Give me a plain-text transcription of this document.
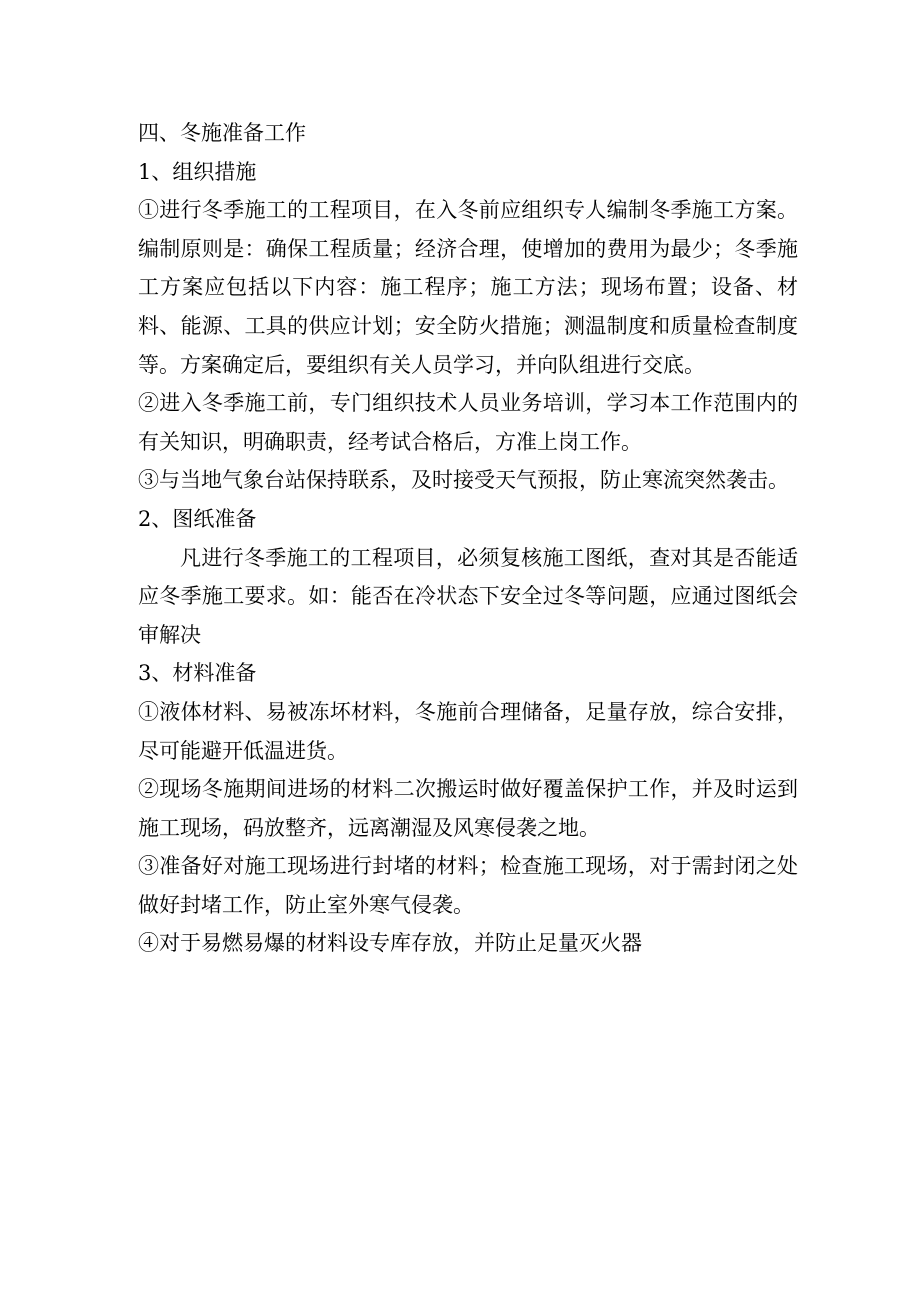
四、冬施准备工作

1、组织措施

①进行冬季施工的工程项目，在入冬前应组织专人编制冬季施工方案。编制原则是：确保工程质量；经济合理，使增加的费用为最少；冬季施工方案应包括以下内容：施工程序；施工方法；现场布置；设备、材料、能源、工具的供应计划；安全防火措施；测温制度和质量检查制度等。方案确定后，要组织有关人员学习，并向队组进行交底。

②进入冬季施工前，专门组织技术人员业务培训，学习本工作范围内的有关知识，明确职责，经考试合格后，方准上岗工作。

③与当地气象台站保持联系，及时接受天气预报，防止寒流突然袭击。

2、图纸准备

凡进行冬季施工的工程项目，必须复核施工图纸，查对其是否能适应冬季施工要求。如：能否在冷状态下安全过冬等问题，应通过图纸会审解决

3、材料准备

①液体材料、易被冻坏材料，冬施前合理储备，足量存放，综合安排，尽可能避开低温进货。

②现场冬施期间进场的材料二次搬运时做好覆盖保护工作，并及时运到施工现场，码放整齐，远离潮湿及风寒侵袭之地。

③准备好对施工现场进行封堵的材料；检查施工现场，对于需封闭之处做好封堵工作，防止室外寒气侵袭。

④对于易燃易爆的材料设专库存放，并防止足量灭火器
